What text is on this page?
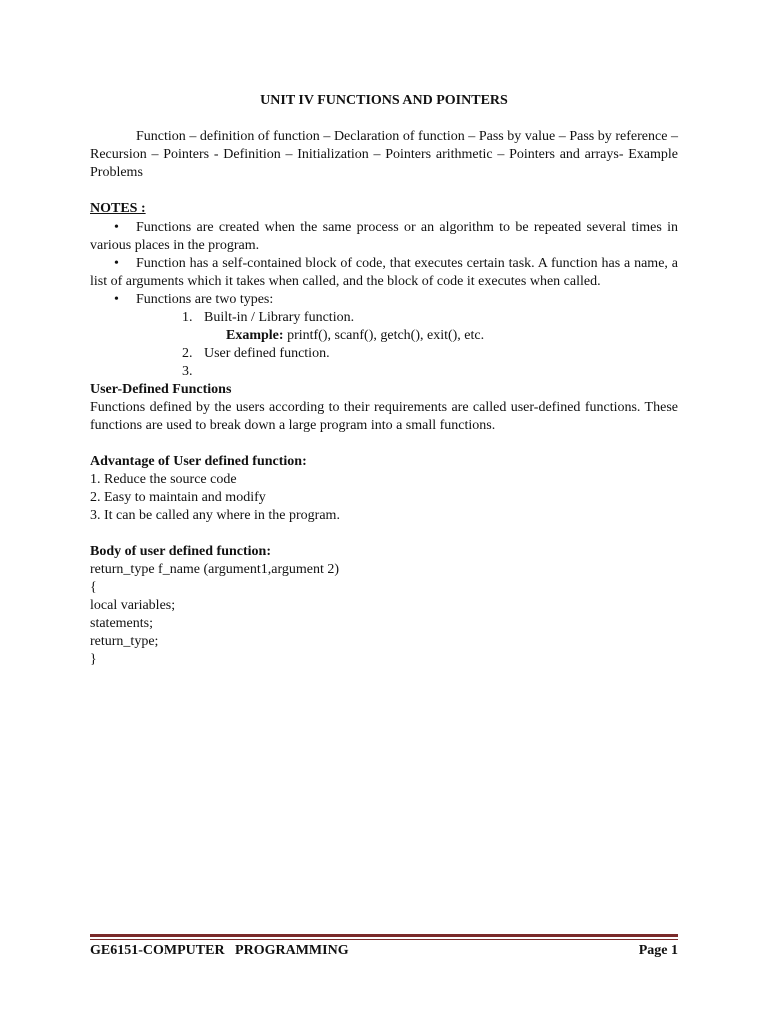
UNIT IV FUNCTIONS AND POINTERS
Function – definition of function – Declaration of function – Pass by value – Pass by reference –Recursion – Pointers - Definition – Initialization – Pointers arithmetic – Pointers and arrays- Example Problems
NOTES :
• Functions are created when the same process or an algorithm to be repeated several times in various places in the program.
• Function has a self-contained block of code, that executes certain task. A function has a name, a list of arguments which it takes when called, and the block of code it executes when called.
• Functions are two types:
1. Built-in / Library function.
Example: printf(), scanf(), getch(), exit(), etc.
2. User defined function.
3.
User-Defined Functions
Functions defined by the users according to their requirements are called user-defined functions. These functions are used to break down a large program into a small functions.
Advantage of User defined function:
1. Reduce the source code
2. Easy to maintain and modify
3. It can be called any where in the program.
Body of user defined function:
return_type f_name (argument1,argument 2)
{
local variables;
statements;
return_type;
}
GE6151-COMPUTER   PROGRAMMING	Page 1
